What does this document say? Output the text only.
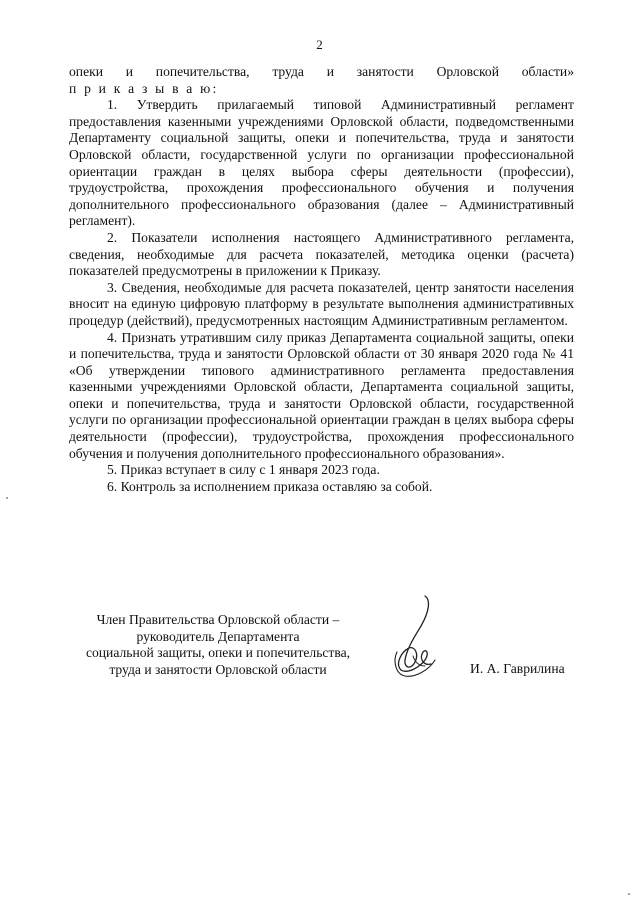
2

опеки и попечительства, труда и занятости Орловской области»

п р и к а з ы в а ю:

1. Утвердить прилагаемый типовой Административный регламент предоставления казенными учреждениями Орловской области, подведомственными Департаменту социальной защиты, опеки и попечительства, труда и занятости Орловской области, государственной услуги по организации профессиональной ориентации граждан в целях выбора сферы деятельности (профессии), трудоустройства, прохождения профессионального обучения и получения дополнительного профессионального образования (далее – Административный регламент).

2. Показатели исполнения настоящего Административного регламента, сведения, необходимые для расчета показателей, методика оценки (расчета) показателей предусмотрены в приложении к Приказу.

3. Сведения, необходимые для расчета показателей, центр занятости населения вносит на единую цифровую платформу в результате выполнения административных процедур (действий), предусмотренных настоящим Административным регламентом.

4. Признать утратившим силу приказ Департамента социальной защиты, опеки и попечительства, труда и занятости Орловской области от 30 января 2020 года № 41 «Об утверждении типового административного регламента предоставления казенными учреждениями Орловской области, Департамента социальной защиты, опеки и попечительства, труда и занятости Орловской области, государственной услуги по организации профессиональной ориентации граждан в целях выбора сферы деятельности (профессии), трудоустройства, прохождения профессионального обучения и получения дополнительного профессионального образования».

5. Приказ вступает в силу с 1 января 2023 года.

6. Контроль за исполнением приказа оставляю за собой.

Член Правительства Орловской области –
руководитель Департамента
социальной защиты, опеки и попечительства,
труда и занятости Орловской области	И. А. Гаврилина
